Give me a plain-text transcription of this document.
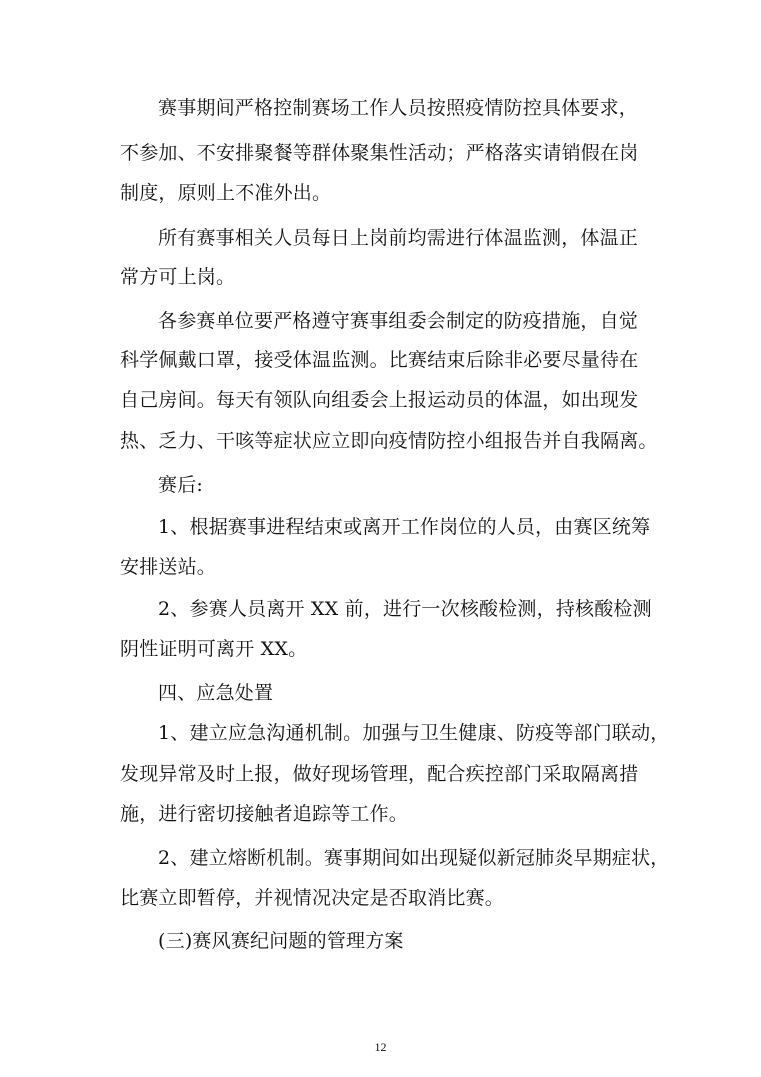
赛事期间严格控制赛场工作人员按照疫情防控具体要求，
不参加、不安排聚餐等群体聚集性活动；严格落实请销假在岗
制度，原则上不准外出。
所有赛事相关人员每日上岗前均需进行体温监测，体温正
常方可上岗。
各参赛单位要严格遵守赛事组委会制定的防疫措施，自觉
科学佩戴口罩，接受体温监测。比赛结束后除非必要尽量待在
自己房间。每天有领队向组委会上报运动员的体温，如出现发
热、乏力、干咳等症状应立即向疫情防控小组报告并自我隔离。
赛后:
1、根据赛事进程结束或离开工作岗位的人员，由赛区统筹
安排送站。
2、参赛人员离开 XX 前，进行一次核酸检测，持核酸检测
阴性证明可离开 XX。
四、应急处置
1、建立应急沟通机制。加强与卫生健康、防疫等部门联动，
发现异常及时上报，做好现场管理，配合疾控部门采取隔离措
施，进行密切接触者追踪等工作。
2、建立熔断机制。赛事期间如出现疑似新冠肺炎早期症状，
比赛立即暂停，并视情况决定是否取消比赛。
(三)赛风赛纪问题的管理方案
12
